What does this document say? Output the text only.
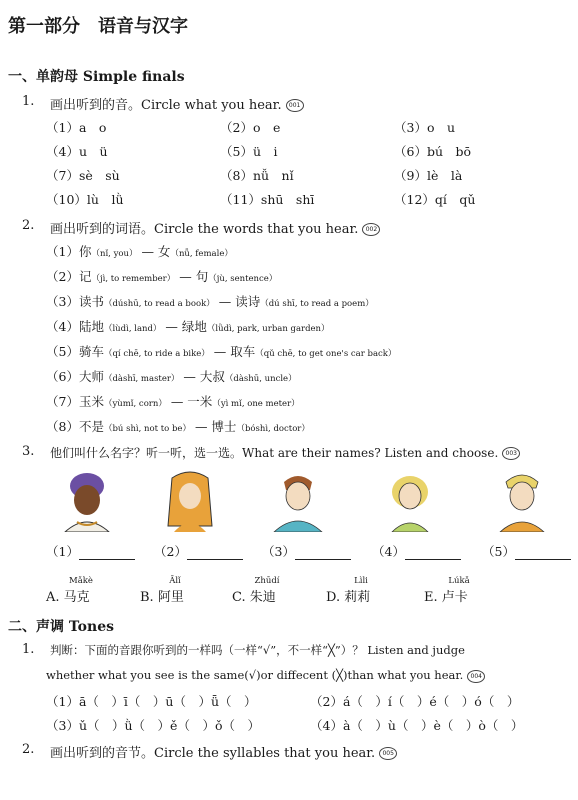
第一部分　语音与汉字
一、单韵母 Simple finals
1. 画出听到的音。Circle what you hear. 001
（1）a　o	（2）o　e	（3）o　u
（4）u　ü	（5）ü　i	（6）bú　bō
（7）sè　sù	（8）nǚ　nǐ	（9）lè　là
（10）lù　lǜ	（11）shū　shī	（12）qí　qǔ
2. 画出听到的词语。Circle the words that you hear. 002
（1）你（nǐ, you） — 女（nǚ, female）
（2）记（jì, to remember） — 句（jù, sentence）
（3）读书（dúshū, to read a book） — 读诗（dú shī, to read a poem）
（4）陆地（lùdì, land） — 绿地（lǜdì, park, urban garden）
（5）骑车（qí chē, to ride a bike） — 取车（qǔ chē, to get one's car back）
（6）大师（dàshī, master） — 大叔（dàshū, uncle）
（7）玉米（yùmǐ, corn） — 一米（yì mǐ, one meter）
（8）不是（bú shì, not to be） — 博士（bóshì, doctor）
3. 他们叫什么名字？听一听，选一选。What are their names? Listen and choose. 003
（1）	（2）	（3）	（4）	（5）
Mǎkè
A. 马克
Ālǐ
B. 阿里
Zhūdí
C. 朱迪
Lìli
D. 莉莉
Lúkǎ
E. 卢卡
二、声调 Tones
1. 判断：下面的音跟你听到的一样吗（一样“√”，不一样“╳”）？ Listen and judge
whether what you see is the same(√)or diffecent (╳)than what you hear. 004
（1）ā（　）ī（　）ū（　）ǖ（　）	（2）á（　）í（　）é（　）ó（　）
（3）ǔ（　）ǜ（　）ě（　）ǒ（　）	（4）à（　）ù（　）è（　）ò（　）
2. 画出听到的音节。Circle the syllables that you hear. 005
